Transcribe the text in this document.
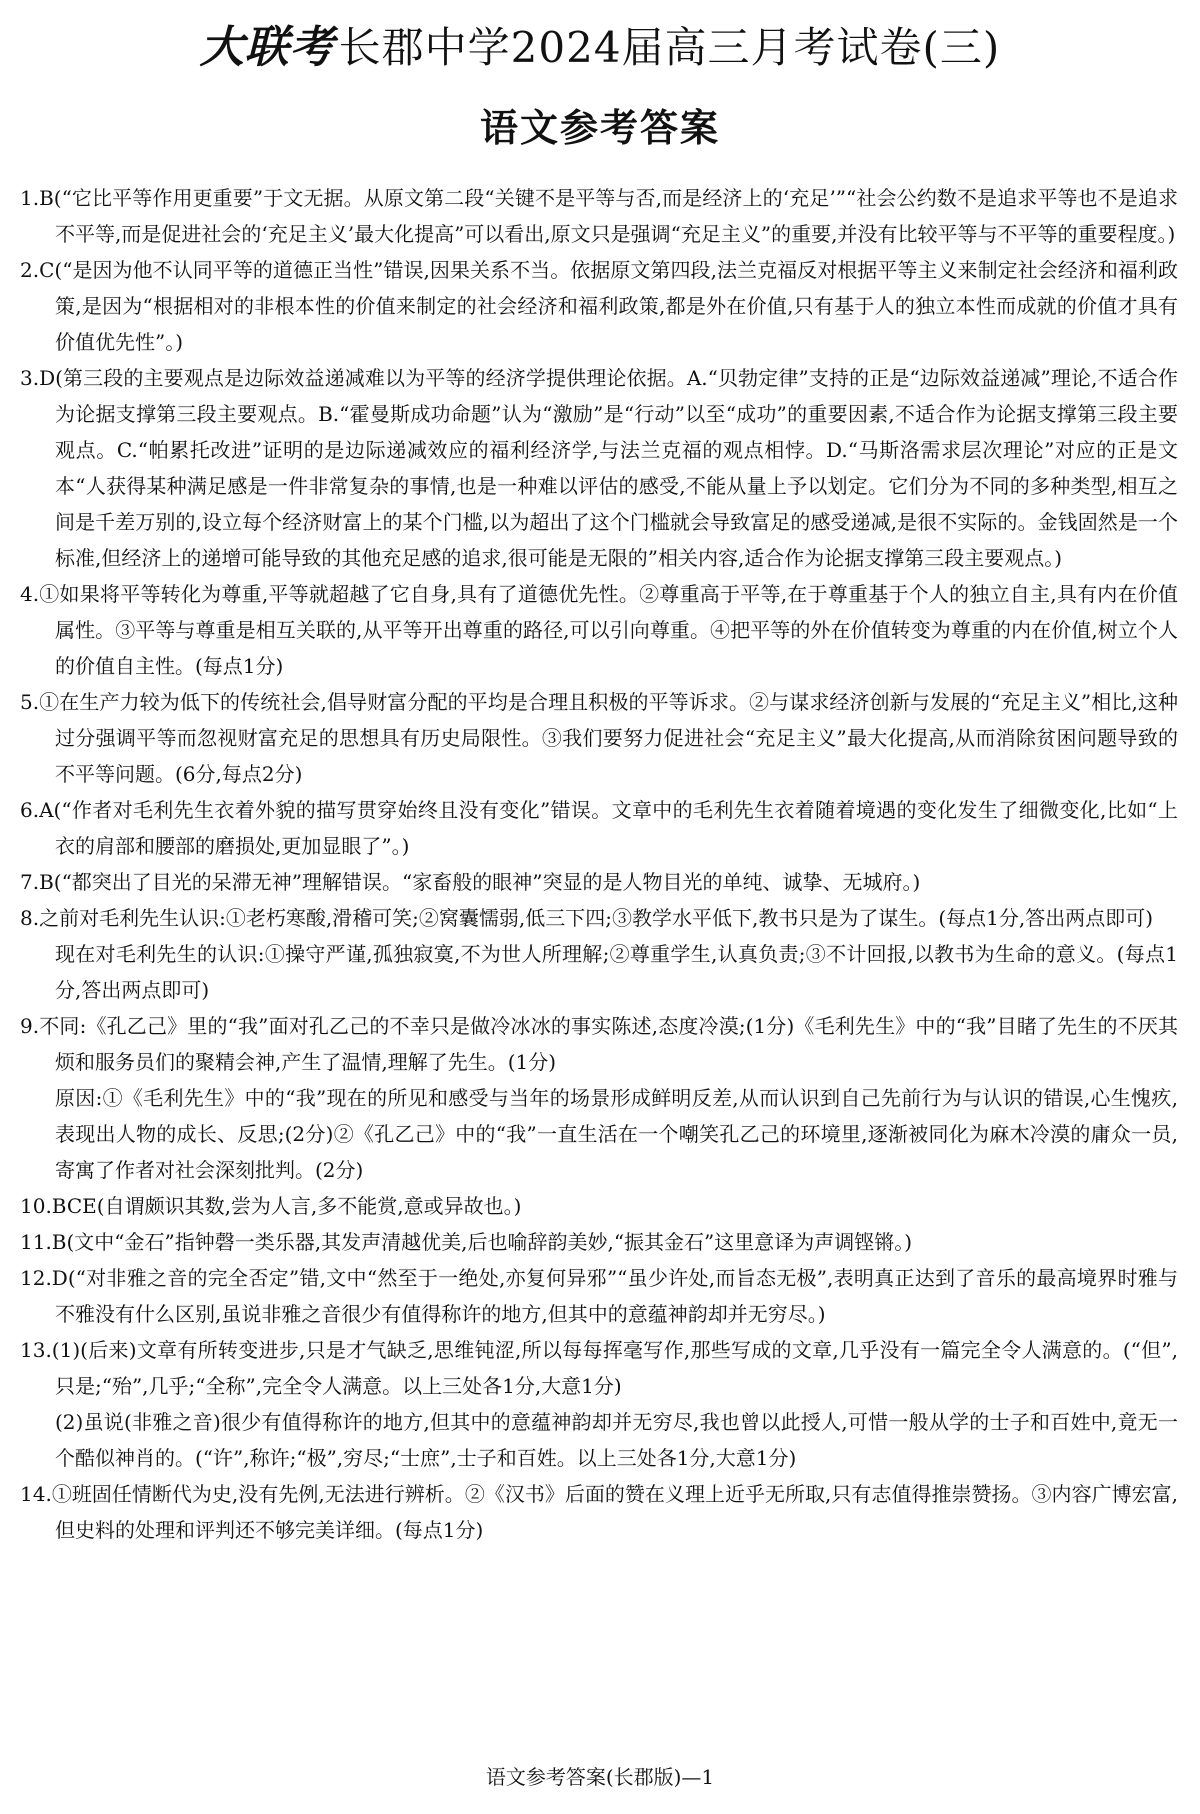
大联考长郡中学2024届高三月考试卷(三)
语文参考答案
1.B(“它比平等作用更重要”于文无据。从原文第二段“关键不是平等与否,而是经济上的‘充足’”“社会公约数不是追求平等也不是追求不平等,而是促进社会的‘充足主义’最大化提高”可以看出,原文只是强调“充足主义”的重要,并没有比较平等与不平等的重要程度。)
2.C(“是因为他不认同平等的道德正当性”错误,因果关系不当。依据原文第四段,法兰克福反对根据平等主义来制定社会经济和福利政策,是因为“根据相对的非根本性的价值来制定的社会经济和福利政策,都是外在价值,只有基于人的独立本性而成就的价值才具有价值优先性”。)
3.D(第三段的主要观点是边际效益递减难以为平等的经济学提供理论依据。A.“贝勃定律”支持的正是“边际效益递减”理论,不适合作为论据支撑第三段主要观点。B.“霍曼斯成功命题”认为“激励”是“行动”以至“成功”的重要因素,不适合作为论据支撑第三段主要观点。C.“帕累托改进”证明的是边际递减效应的福利经济学,与法兰克福的观点相悖。D.“马斯洛需求层次理论”对应的正是文本“人获得某种满足感是一件非常复杂的事情,也是一种难以评估的感受,不能从量上予以划定。它们分为不同的多种类型,相互之间是千差万别的,设立每个经济财富上的某个门槛,以为超出了这个门槛就会导致富足的感受递减,是很不实际的。金钱固然是一个标准,但经济上的递增可能导致的其他充足感的追求,很可能是无限的”相关内容,适合作为论据支撑第三段主要观点。)
4.①如果将平等转化为尊重,平等就超越了它自身,具有了道德优先性。②尊重高于平等,在于尊重基于个人的独立自主,具有内在价值属性。③平等与尊重是相互关联的,从平等开出尊重的路径,可以引向尊重。④把平等的外在价值转变为尊重的内在价值,树立个人的价值自主性。(每点1分)
5.①在生产力较为低下的传统社会,倡导财富分配的平均是合理且积极的平等诉求。②与谋求经济创新与发展的“充足主义”相比,这种过分强调平等而忽视财富充足的思想具有历史局限性。③我们要努力促进社会“充足主义”最大化提高,从而消除贫困问题导致的不平等问题。(6分,每点2分)
6.A(“作者对毛利先生衣着外貌的描写贯穿始终且没有变化”错误。文章中的毛利先生衣着随着境遇的变化发生了细微变化,比如“上衣的肩部和腰部的磨损处,更加显眼了”。)
7.B(“都突出了目光的呆滞无神”理解错误。“家畜般的眼神”突显的是人物目光的单纯、诚挚、无城府。)
8.之前对毛利先生认识:①老朽寒酸,滑稽可笑;②窝囊懦弱,低三下四;③教学水平低下,教书只是为了谋生。(每点1分,答出两点即可)
现在对毛利先生的认识:①操守严谨,孤独寂寞,不为世人所理解;②尊重学生,认真负责;③不计回报,以教书为生命的意义。(每点1分,答出两点即可)
9.不同:《孔乙己》里的“我”面对孔乙己的不幸只是做冷冰冰的事实陈述,态度冷漠;(1分)《毛利先生》中的“我”目睹了先生的不厌其烦和服务员们的聚精会神,产生了温情,理解了先生。(1分)
原因:①《毛利先生》中的“我”现在的所见和感受与当年的场景形成鲜明反差,从而认识到自己先前行为与认识的错误,心生愧疚,表现出人物的成长、反思;(2分)②《孔乙己》中的“我”一直生活在一个嘲笑孔乙己的环境里,逐渐被同化为麻木冷漠的庸众一员,寄寓了作者对社会深刻批判。(2分)
10.BCE(自谓颇识其数,尝为人言,多不能赏,意或异故也。)
11.B(文中“金石”指钟磬一类乐器,其发声清越优美,后也喻辞韵美妙,“振其金石”这里意译为声调铿锵。)
12.D(“对非雅之音的完全否定”错,文中“然至于一绝处,亦复何异邪”“虽少许处,而旨态无极”,表明真正达到了音乐的最高境界时雅与不雅没有什么区别,虽说非雅之音很少有值得称许的地方,但其中的意蕴神韵却并无穷尽。)
13.(1)(后来)文章有所转变进步,只是才气缺乏,思维钝涩,所以每每挥毫写作,那些写成的文章,几乎没有一篇完全令人满意的。(“但”,只是;“殆”,几乎;“全称”,完全令人满意。以上三处各1分,大意1分)
(2)虽说(非雅之音)很少有值得称许的地方,但其中的意蕴神韵却并无穷尽,我也曾以此授人,可惜一般从学的士子和百姓中,竟无一个酷似神肖的。(“许”,称许;“极”,穷尽;“士庶”,士子和百姓。以上三处各1分,大意1分)
14.①班固任情断代为史,没有先例,无法进行辨析。②《汉书》后面的赞在义理上近乎无所取,只有志值得推崇赞扬。③内容广博宏富,但史料的处理和评判还不够完美详细。(每点1分)
语文参考答案(长郡版)—1
